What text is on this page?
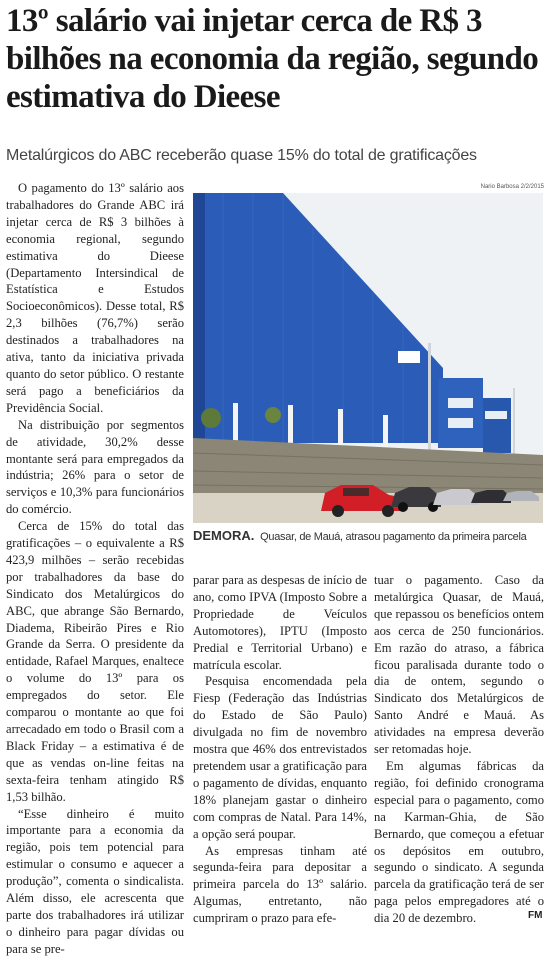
13º salário vai injetar cerca de R$ 3 bilhões na economia da região, segundo estimativa do Dieese
Metalúrgicos do ABC receberão quase 15% do total de gratificações

O pagamento do 13º salário aos trabalhadores do Grande ABC irá injetar cerca de R$ 3 bilhões à economia regional, segundo estimativa do Dieese (Departamento Intersindical de Estatística e Estudos Socioeconômicos). Desse total, R$ 2,3 bilhões (76,7%) serão destinados a trabalhadores na ativa, tanto da iniciativa privada quanto do setor público. O restante será pago a beneficiários da Previdência Social.

Na distribuição por segmentos de atividade, 30,2% desse montante será para empregados da indústria; 26% para o setor de serviços e 10,3% para funcionários do comércio.

Cerca de 15% do total das gratificações – o equivalente a R$ 423,9 milhões – serão recebidas por trabalhadores da base do Sindicato dos Metalúrgicos do ABC, que abrange São Bernardo, Diadema, Ribeirão Pires e Rio Grande da Serra. O presidente da entidade, Rafael Marques, enaltece o volume do 13º para os empregados do setor. Ele comparou o montante ao que foi arrecadado em todo o Brasil com a Black Friday – a estimativa é de que as vendas on-line feitas na sexta-feira tenham atingido R$ 1,53 bilhão.

“Esse dinheiro é muito importante para a economia da região, pois tem potencial para estimular o consumo e aquecer a produção”, comenta o sindicalista. Além disso, ele acrescenta que parte dos trabalhadores irá utilizar o dinheiro para pagar dívidas ou para se pre-

Nario Barbosa 2/2/2015
DEMORA. Quasar, de Mauá, atrasou pagamento da primeira parcela

parar para as despesas de início de ano, como IPVA (Imposto Sobre a Propriedade de Veículos Automotores), IPTU (Imposto Predial e Territorial Urbano) e matrícula escolar.

Pesquisa encomendada pela Fiesp (Federação das Indústrias do Estado de São Paulo) divulgada no fim de novembro mostra que 46% dos entrevistados pretendem usar a gratificação para o pagamento de dívidas, enquanto 18% planejam gastar o dinheiro com compras de Natal. Para 14%, a opção será poupar.

As empresas tinham até segunda-feira para depositar a primeira parcela do 13º salário. Algumas, entretanto, não cumpriram o prazo para efe-

tuar o pagamento. Caso da metalúrgica Quasar, de Mauá, que repassou os benefícios ontem aos cerca de 250 funcionários. Em razão do atraso, a fábrica ficou paralisada durante todo o dia de ontem, segundo o Sindicato dos Metalúrgicos de Santo André e Mauá. As atividades na empresa deverão ser retomadas hoje.

Em algumas fábricas da região, foi definido cronograma especial para o pagamento, como na Karman-Ghia, de São Bernardo, que começou a efetuar os depósitos em outubro, segundo o sindicato. A segunda parcela da gratificação terá de ser paga pelos empregadores até o dia 20 de dezembro.	FM
